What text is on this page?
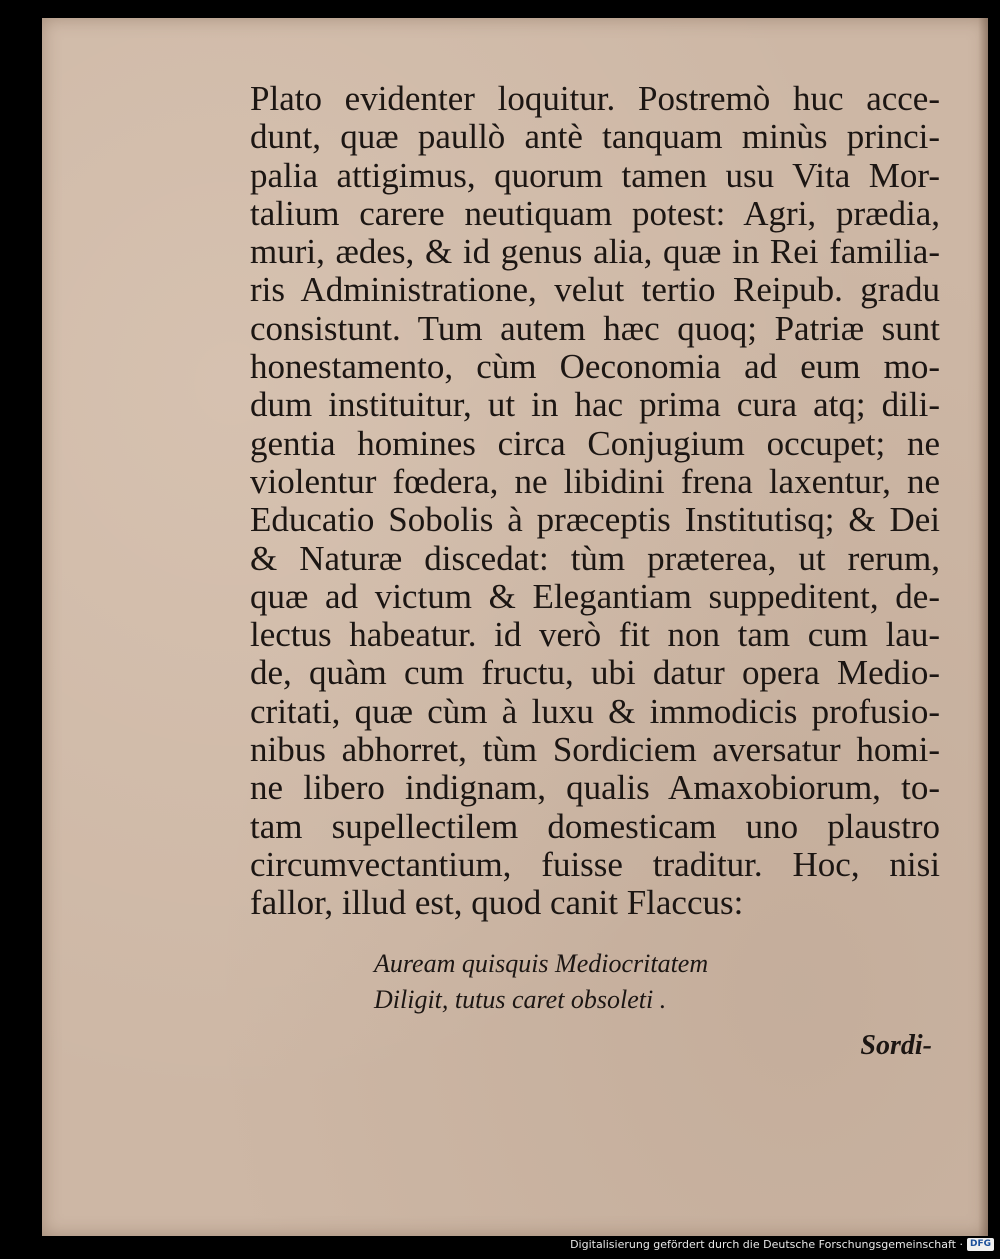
Plato evidenter loquitur. Postremò huc acce-
dunt, quæ paullò antè tanquam minùs princi-
palia attigimus, quorum tamen usu Vita Mor-
talium carere neutiquam potest: Agri, prædia,
muri, ædes, & id genus alia, quæ in Rei familia-
ris Administratione, velut tertio Reipub. gradu
consistunt. Tum autem hæc quoq; Patriæ sunt
honestamento, cùm Oeconomia ad eum mo-
dum instituitur, ut in hac prima cura atq; dili-
gentia homines circa Conjugium occupet; ne
violentur fœdera, ne libidini frena laxentur, ne
Educatio Sobolis à præceptis Institutisq; & Dei
& Naturæ discedat: tùm præterea, ut rerum,
quæ ad victum & Elegantiam suppeditent, de-
lectus habeatur. id verò fit non tam cum lau-
de, quàm cum fructu, ubi datur opera Medio-
critati, quæ cùm à luxu & immodicis profusio-
nibus abhorret, tùm Sordiciem aversatur homi-
ne libero indignam, qualis Amaxobiorum, to-
tam supellectilem domesticam uno plaustro
circumvectantium, fuisse traditur. Hoc, nisi
fallor, illud est, quod canit Flaccus:
Auream quisquis Mediocritatem
Diligit, tutus caret obsoleti .
Sordi-
Digitalisierung gefördert durch die Deutsche Forschungsgemeinschaft · DFG
